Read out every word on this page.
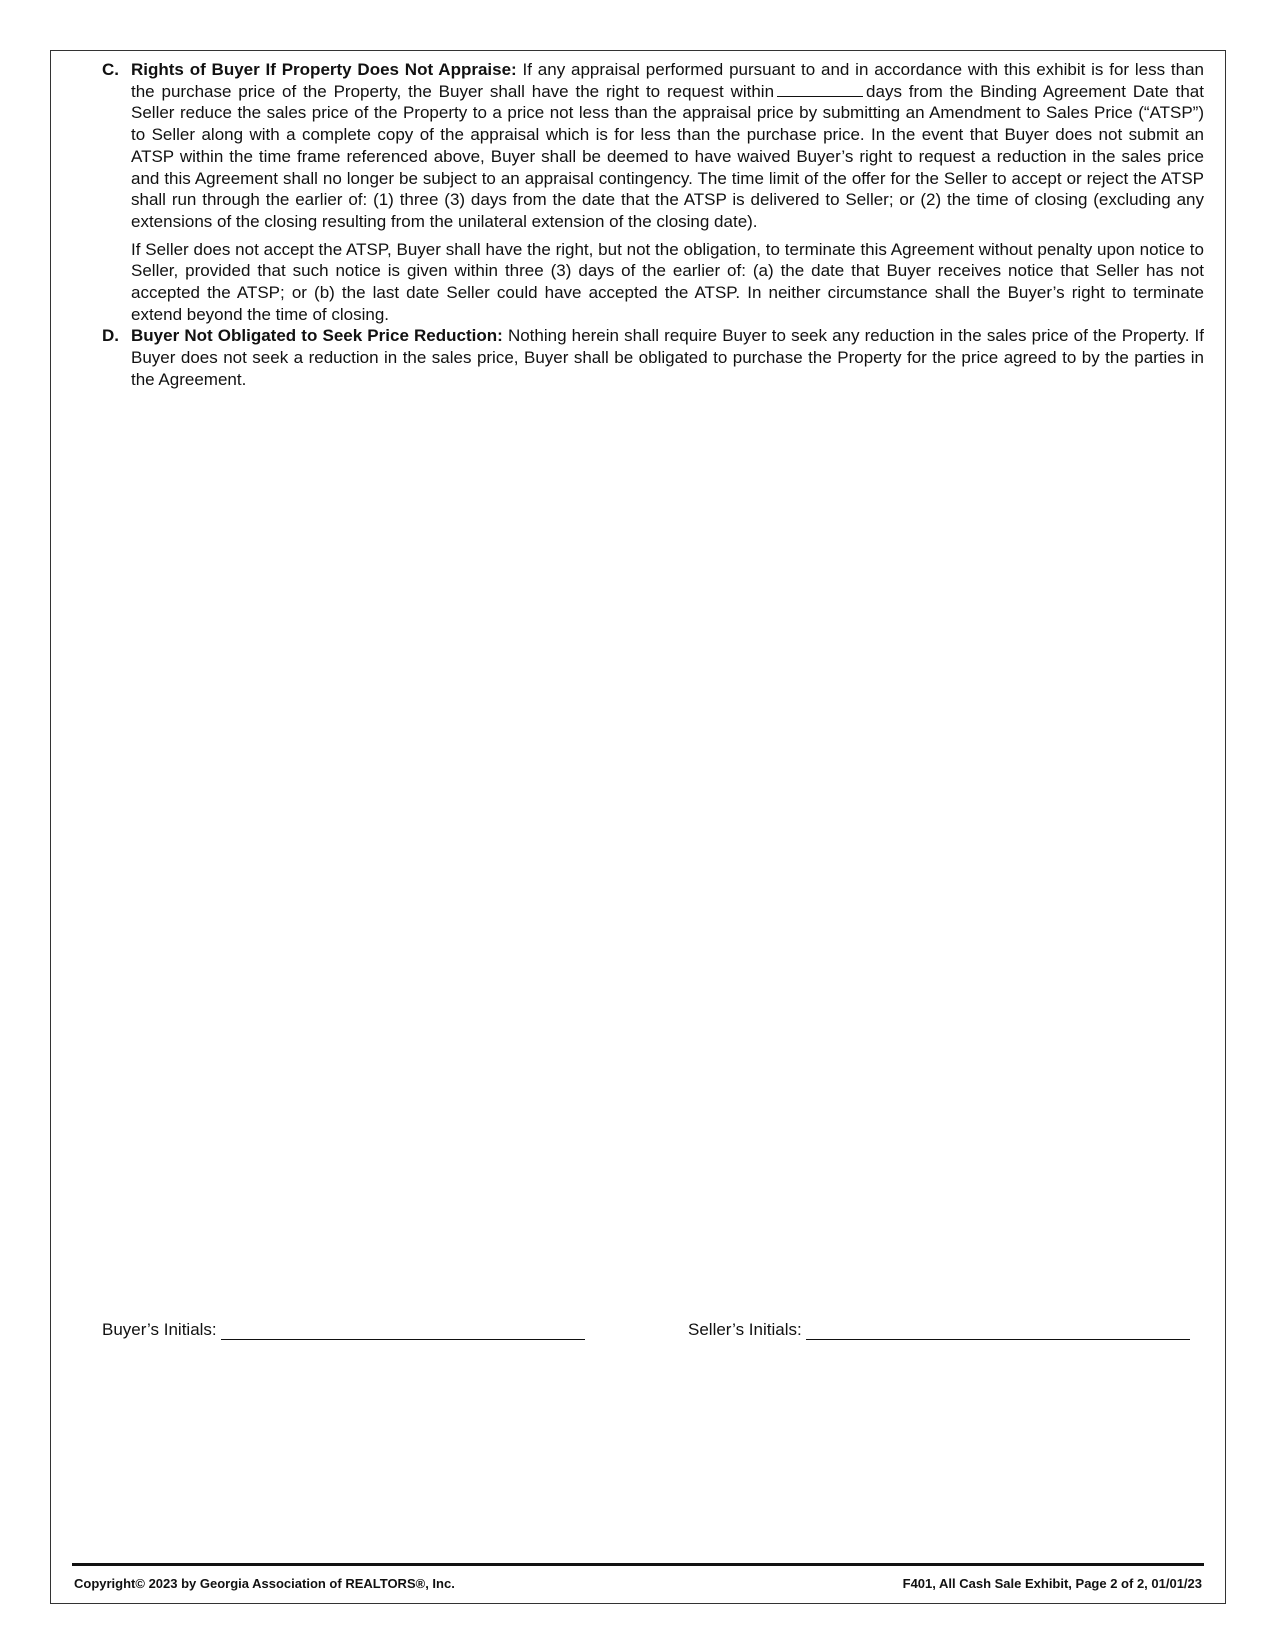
C. Rights of Buyer If Property Does Not Appraise: If any appraisal performed pursuant to and in accordance with this exhibit is for less than the purchase price of the Property, the Buyer shall have the right to request within	days from the Binding Agreement Date that Seller reduce the sales price of the Property to a price not less than the appraisal price by submitting an Amendment to Sales Price (“ATSP”) to Seller along with a complete copy of the appraisal which is for less than the purchase price. In the event that Buyer does not submit an ATSP within the time frame referenced above, Buyer shall be deemed to have waived Buyer’s right to request a reduction in the sales price and this Agreement shall no longer be subject to an appraisal contingency. The time limit of the offer for the Seller to accept or reject the ATSP shall run through the earlier of: (1) three (3) days from the date that the ATSP is delivered to Seller; or (2) the time of closing (excluding any extensions of the closing resulting from the unilateral extension of the closing date).

If Seller does not accept the ATSP, Buyer shall have the right, but not the obligation, to terminate this Agreement without penalty upon notice to Seller, provided that such notice is given within three (3) days of the earlier of: (a) the date that Buyer receives notice that Seller has not accepted the ATSP; or (b) the last date Seller could have accepted the ATSP. In neither circumstance shall the Buyer’s right to terminate extend beyond the time of closing.

D. Buyer Not Obligated to Seek Price Reduction: Nothing herein shall require Buyer to seek any reduction in the sales price of the Property. If Buyer does not seek a reduction in the sales price, Buyer shall be obligated to purchase the Property for the price agreed to by the parties in the Agreement.

Buyer’s Initials:	Seller’s Initials:
Copyright© 2023 by Georgia Association of REALTORS®, Inc.	F401, All Cash Sale Exhibit, Page 2 of 2, 01/01/23
